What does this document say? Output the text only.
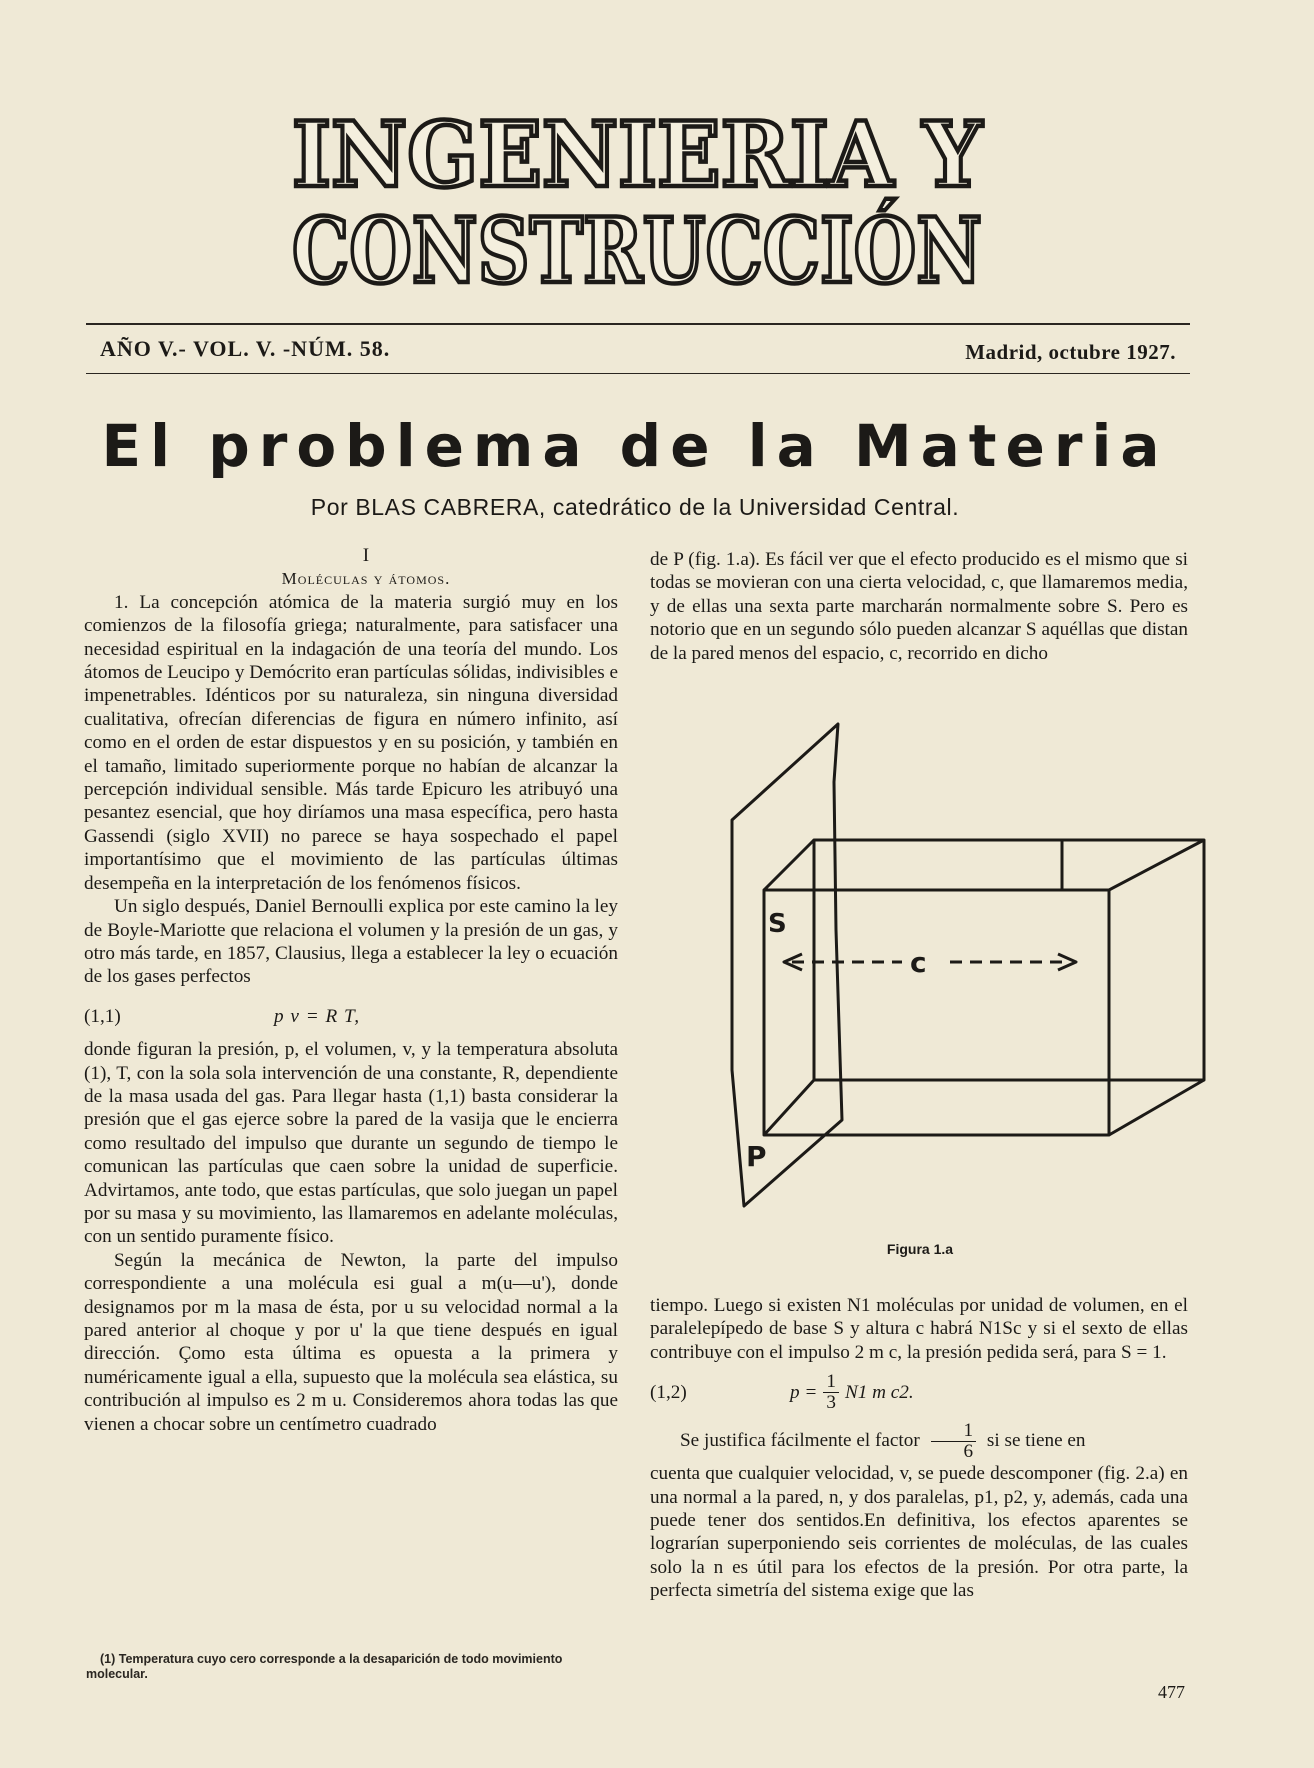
INGENIERIA Y
CONSTRUCCIÓN
AÑO V.- VOL. V. -NÚM. 58.	Madrid, octubre 1927.
El problema de la Materia
Por BLAS CABRERA, catedrático de la Universidad Central.

I

Moléculas y átomos.

1. La concepción atómica de la materia surgió muy en los comienzos de la filosofía griega; naturalmente, para satisfacer una necesidad espiritual en la indagación de una teoría del mundo. Los átomos de Leucipo y Demócrito eran partículas sólidas, indivisibles e impenetrables. Idénticos por su naturaleza, sin ninguna diversidad cualitativa, ofrecían diferencias de figura en número infinito, así como en el orden de estar dispuestos y en su posición, y también en el tamaño, limitado superiormente porque no habían de alcanzar la percepción individual sensible. Más tarde Epicuro les atribuyó una pesantez esencial, que hoy diríamos una masa específica, pero hasta Gassendi (siglo XVII) no parece se haya sospechado el papel importantísimo que el movimiento de las partículas últimas desempeña en la interpretación de los fenómenos físicos.

Un siglo después, Daniel Bernoulli explica por este camino la ley de Boyle-Mariotte que relaciona el volumen y la presión de un gas, y otro más tarde, en 1857, Clausius, llega a establecer la ley o ecuación de los gases perfectos

(1,1)	p v = R T,

donde figuran la presión, p, el volumen, v, y la temperatura absoluta (1), T, con la sola sola intervención de una constante, R, dependiente de la masa usada del gas. Para llegar hasta (1,1) basta considerar la presión que el gas ejerce sobre la pared de la vasija que le encierra como resultado del impulso que durante un segundo de tiempo le comunican las partículas que caen sobre la unidad de superficie. Advirtamos, ante todo, que estas partículas, que solo juegan un papel por su masa y su movimiento, las llamaremos en adelante moléculas, con un sentido puramente físico.

Según la mecánica de Newton, la parte del impulso correspondiente a una molécula esi gual a m(u—u'), donde designamos por m la masa de ésta, por u su velocidad normal a la pared anterior al choque y por u' la que tiene después en igual dirección. Çomo esta última es opuesta a la primera y numéricamente igual a ella, supuesto que la molécula sea elástica, su contribución al impulso es 2 m u. Consideremos ahora todas las que vienen a chocar sobre un centímetro cuadrado

(1) Temperatura cuyo cero corresponde a la desaparición de todo movimiento molecular.

de P (fig. 1.a). Es fácil ver que el efecto producido es el mismo que si todas se movieran con una cierta velocidad, c, que llamaremos media, y de ellas una sexta parte marcharán normalmente sobre S. Pero es notorio que en un segundo sólo pueden alcanzar S aquéllas que distan de la pared menos del espacio, c, recorrido en dicho

S
c
P
Figura 1.a

tiempo. Luego si existen N1 moléculas por unidad de volumen, en el paralelepípedo de base S y altura c habrá N1Sc y si el sexto de ellas contribuye con el impulso 2 m c, la presión pedida será, para S = 1.

(1,2)	$p = \frac{1}{3} N1$ m c2.

Se justifica fácilmente el factor $\frac{1}{6}$ si se tiene en

cuenta que cualquier velocidad, v, se puede descomponer (fig. 2.a) en una normal a la pared, n, y dos paralelas, p1, p2, y, además, cada una puede tener dos sentidos.En definitiva, los efectos aparentes se lograrían superponiendo seis corrientes de moléculas, de las cuales solo la n es útil para los efectos de la presión. Por otra parte, la perfecta simetría del sistema exige que las

477
